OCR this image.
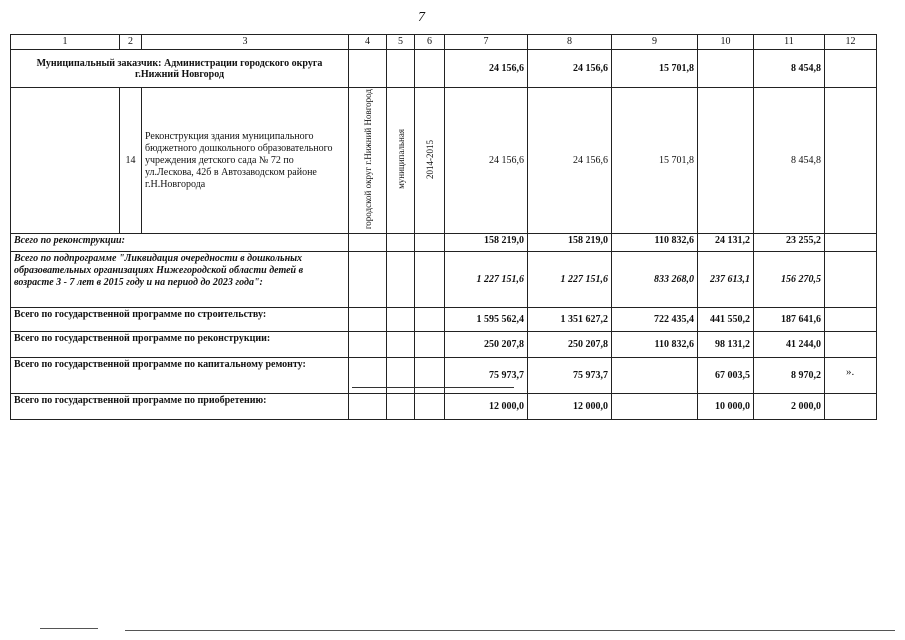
7
1	2	3	4	5	6	7	8	9	10	11	12
Муниципальный заказчик: Администрации городского округа г.Нижний Новгород						24 156,6	24 156,6	15 701,8		8 454,8	
	14	Реконструкция здания муниципального бюджетного дошкольного образовательного учреждения детского сада № 72 по ул.Лескова, 42б в Автозаводском районе г.Н.Новгорода	городской округ г.Нижний Новгород	муниципальная	2014-2015	24 156,6	24 156,6	15 701,8		8 454,8	
Всего по реконструкции:						158 219,0	158 219,0	110 832,6	24 131,2	23 255,2	
Всего по подпрограмме "Ликвидация очередности в дошкольных образовательных организациях Нижегородской области детей в возрасте 3 - 7 лет в 2015 году и на период до 2023 года":						1 227 151,6	1 227 151,6	833 268,0	237 613,1	156 270,5	
Всего по государственной программе по строительству:						1 595 562,4	1 351 627,2	722 435,4	441 550,2	187 641,6	
Всего по государственной программе по реконструкции:						250 207,8	250 207,8	110 832,6	98 131,2	41 244,0	
Всего по государственной программе по капитальному ремонту:						75 973,7	75 973,7		67 003,5	8 970,2	
Всего по государственной программе по приобретению:						12 000,0	12 000,0		10 000,0	2 000,0	
».
